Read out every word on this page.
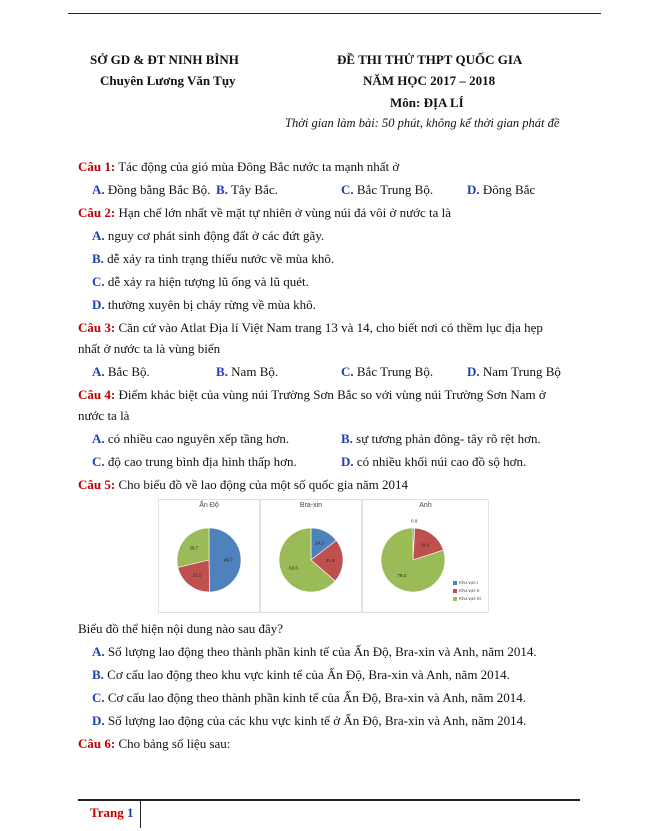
SỞ GD & ĐT NINH BÌNH
Chuyên Lương Văn Tụy
ĐỀ THI THỬ THPT QUỐC GIA
NĂM HỌC 2017 – 2018
Môn: ĐỊA LÍ
Thời gian làm bài: 50 phút, không kể thời gian phát đề
Câu 1: Tác động của gió mùa Đông Bắc nước ta mạnh nhất ở
A. Đồng bằng Bắc Bộ. B. Tây Bắc.	C. Bắc Trung Bộ.	D. Đông Bắc
Câu 2: Hạn chế lớn nhất về mặt tự nhiên ở vùng núi đá vôi ở nước ta là
A. nguy cơ phát sinh động đất ở các đứt gãy.
B. dễ xảy ra tình trạng thiếu nước về mùa khô.
C. dễ xảy ra hiện tượng lũ ống và lũ quét.
D. thường xuyên bị cháy rừng về mùa khô.
Câu 3: Căn cứ vào Atlat Địa lí Việt Nam trang 13 và 14, cho biết nơi có thềm lục địa hẹp
nhất ở nước ta là vùng biển
A. Bắc Bộ.	B. Nam Bộ.	C. Bắc Trung Bộ.	D. Nam Trung Bộ
Câu 4: Điểm khác biệt của vùng núi Trường Sơn Bắc so với vùng núi Trường Sơn Nam ở
nước ta là
A. có nhiều cao nguyên xếp tầng hơn.	B. sự tương phản đông- tây rõ rệt hơn.
C. độ cao trung bình địa hình thấp hơn.	D. có nhiều khối núi cao đồ sộ hơn.
Câu 5: Cho biểu đồ về lao động của một số quốc gia năm 2014
Ấn Độ
49.7
21.5
28.7
Bra-xin
14.5
21.9
63.6
Anh
0.9
18.9
79.3
Khu vực I
Khu vực II
Khu vực III
Biểu đồ thể hiện nội dung nào sau đây?
A. Số lượng lao động theo thành phần kinh tế của Ấn Độ, Bra-xin và Anh, năm 2014.
B. Cơ cấu lao động theo khu vực kinh tế của Ấn Độ, Bra-xin và Anh, năm 2014.
C. Cơ cấu lao động theo thành phần kinh tế của Ấn Độ, Bra-xin và Anh, năm 2014.
D. Số lượng lao động của các khu vực kinh tế ở Ấn Độ, Bra-xin và Anh, năm 2014.
Câu 6: Cho bảng số liệu sau:
Trang 1
